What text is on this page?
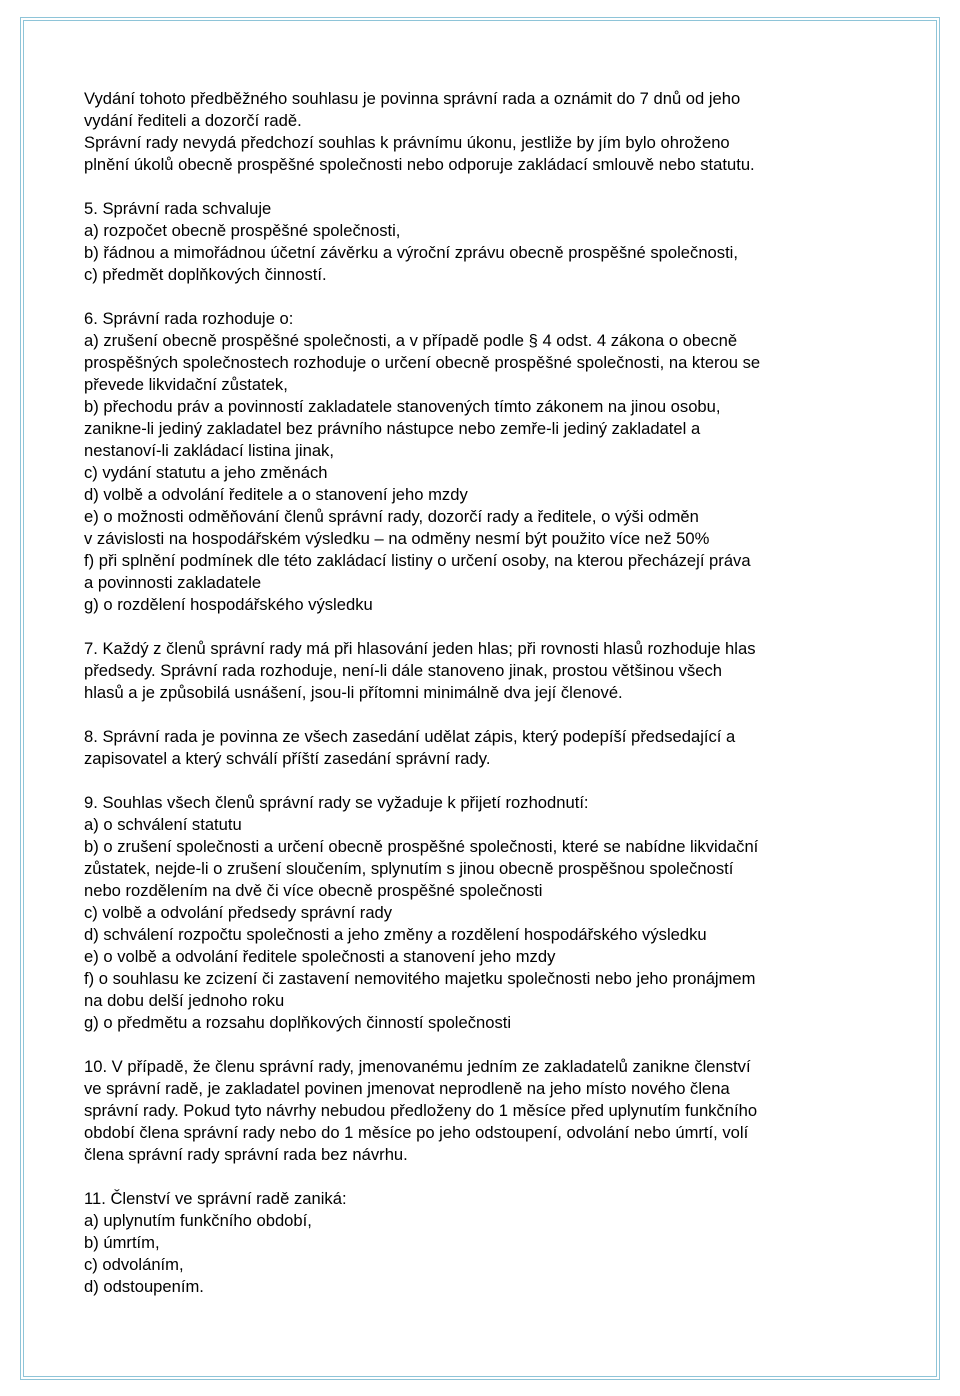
Vydání tohoto předběžného souhlasu je povinna správní rada a oznámit do 7 dnů od jeho
vydání řediteli a dozorčí radě.
Správní rady nevydá předchozí souhlas k právnímu úkonu, jestliže by jím bylo ohroženo
plnění úkolů obecně prospěšné společnosti nebo odporuje zakládací smlouvě nebo statutu.
5. Správní rada schvaluje
a) rozpočet obecně prospěšné společnosti,
b) řádnou a mimořádnou účetní závěrku a výroční zprávu obecně prospěšné společnosti,
c) předmět doplňkových činností.
6. Správní rada rozhoduje o:
a) zrušení obecně prospěšné společnosti, a v případě podle § 4 odst. 4 zákona o obecně
prospěšných společnostech rozhoduje o určení obecně prospěšné společnosti, na kterou se
převede likvidační zůstatek,
b) přechodu práv a povinností zakladatele stanovených tímto zákonem na jinou osobu,
zanikne-li jediný zakladatel bez právního nástupce nebo zemře-li jediný zakladatel a
nestanoví-li zakládací listina jinak,
c) vydání statutu a jeho změnách
d) volbě a odvolání ředitele a o stanovení jeho mzdy
e) o možnosti odměňování členů správní rady, dozorčí rady a ředitele, o výši odměn
v závislosti na hospodářském výsledku – na odměny nesmí být použito více než 50%
f) při splnění podmínek dle této zakládací listiny o určení osoby, na kterou přecházejí práva
a povinnosti zakladatele
g) o rozdělení hospodářského výsledku
7. Každý z členů správní rady má při hlasování jeden hlas; při rovnosti hlasů rozhoduje hlas
předsedy. Správní rada rozhoduje, není-li dále stanoveno jinak, prostou většinou všech
hlasů a je způsobilá usnášení, jsou-li přítomni minimálně dva její členové.
8. Správní rada je povinna ze všech zasedání udělat zápis, který podepíší předsedající a
zapisovatel a který schválí příští zasedání správní rady.
9. Souhlas všech členů správní rady se vyžaduje k přijetí rozhodnutí:
a) o schválení statutu
b) o zrušení společnosti a určení obecně prospěšné společnosti, které se nabídne likvidační
zůstatek, nejde-li o zrušení sloučením, splynutím s jinou obecně prospěšnou společností
nebo rozdělením na dvě či více obecně prospěšné společnosti
c) volbě a odvolání předsedy správní rady
d) schválení rozpočtu společnosti a jeho změny a rozdělení hospodářského výsledku
e) o volbě a odvolání ředitele společnosti a stanovení jeho mzdy
f) o souhlasu ke zcizení či zastavení nemovitého majetku společnosti nebo jeho pronájmem
na dobu delší jednoho roku
g) o předmětu a rozsahu doplňkových činností společnosti
10. V případě, že členu správní rady, jmenovanému jedním ze zakladatelů zanikne členství
ve správní radě, je zakladatel povinen jmenovat neprodleně na jeho místo nového člena
správní rady. Pokud tyto návrhy nebudou předloženy do 1 měsíce před uplynutím funkčního
období člena správní rady nebo do 1 měsíce po jeho odstoupení, odvolání nebo úmrtí, volí
člena správní rady správní rada bez návrhu.
11. Členství ve správní radě zaniká:
a) uplynutím funkčního období,
b) úmrtím,
c) odvoláním,
d) odstoupením.
